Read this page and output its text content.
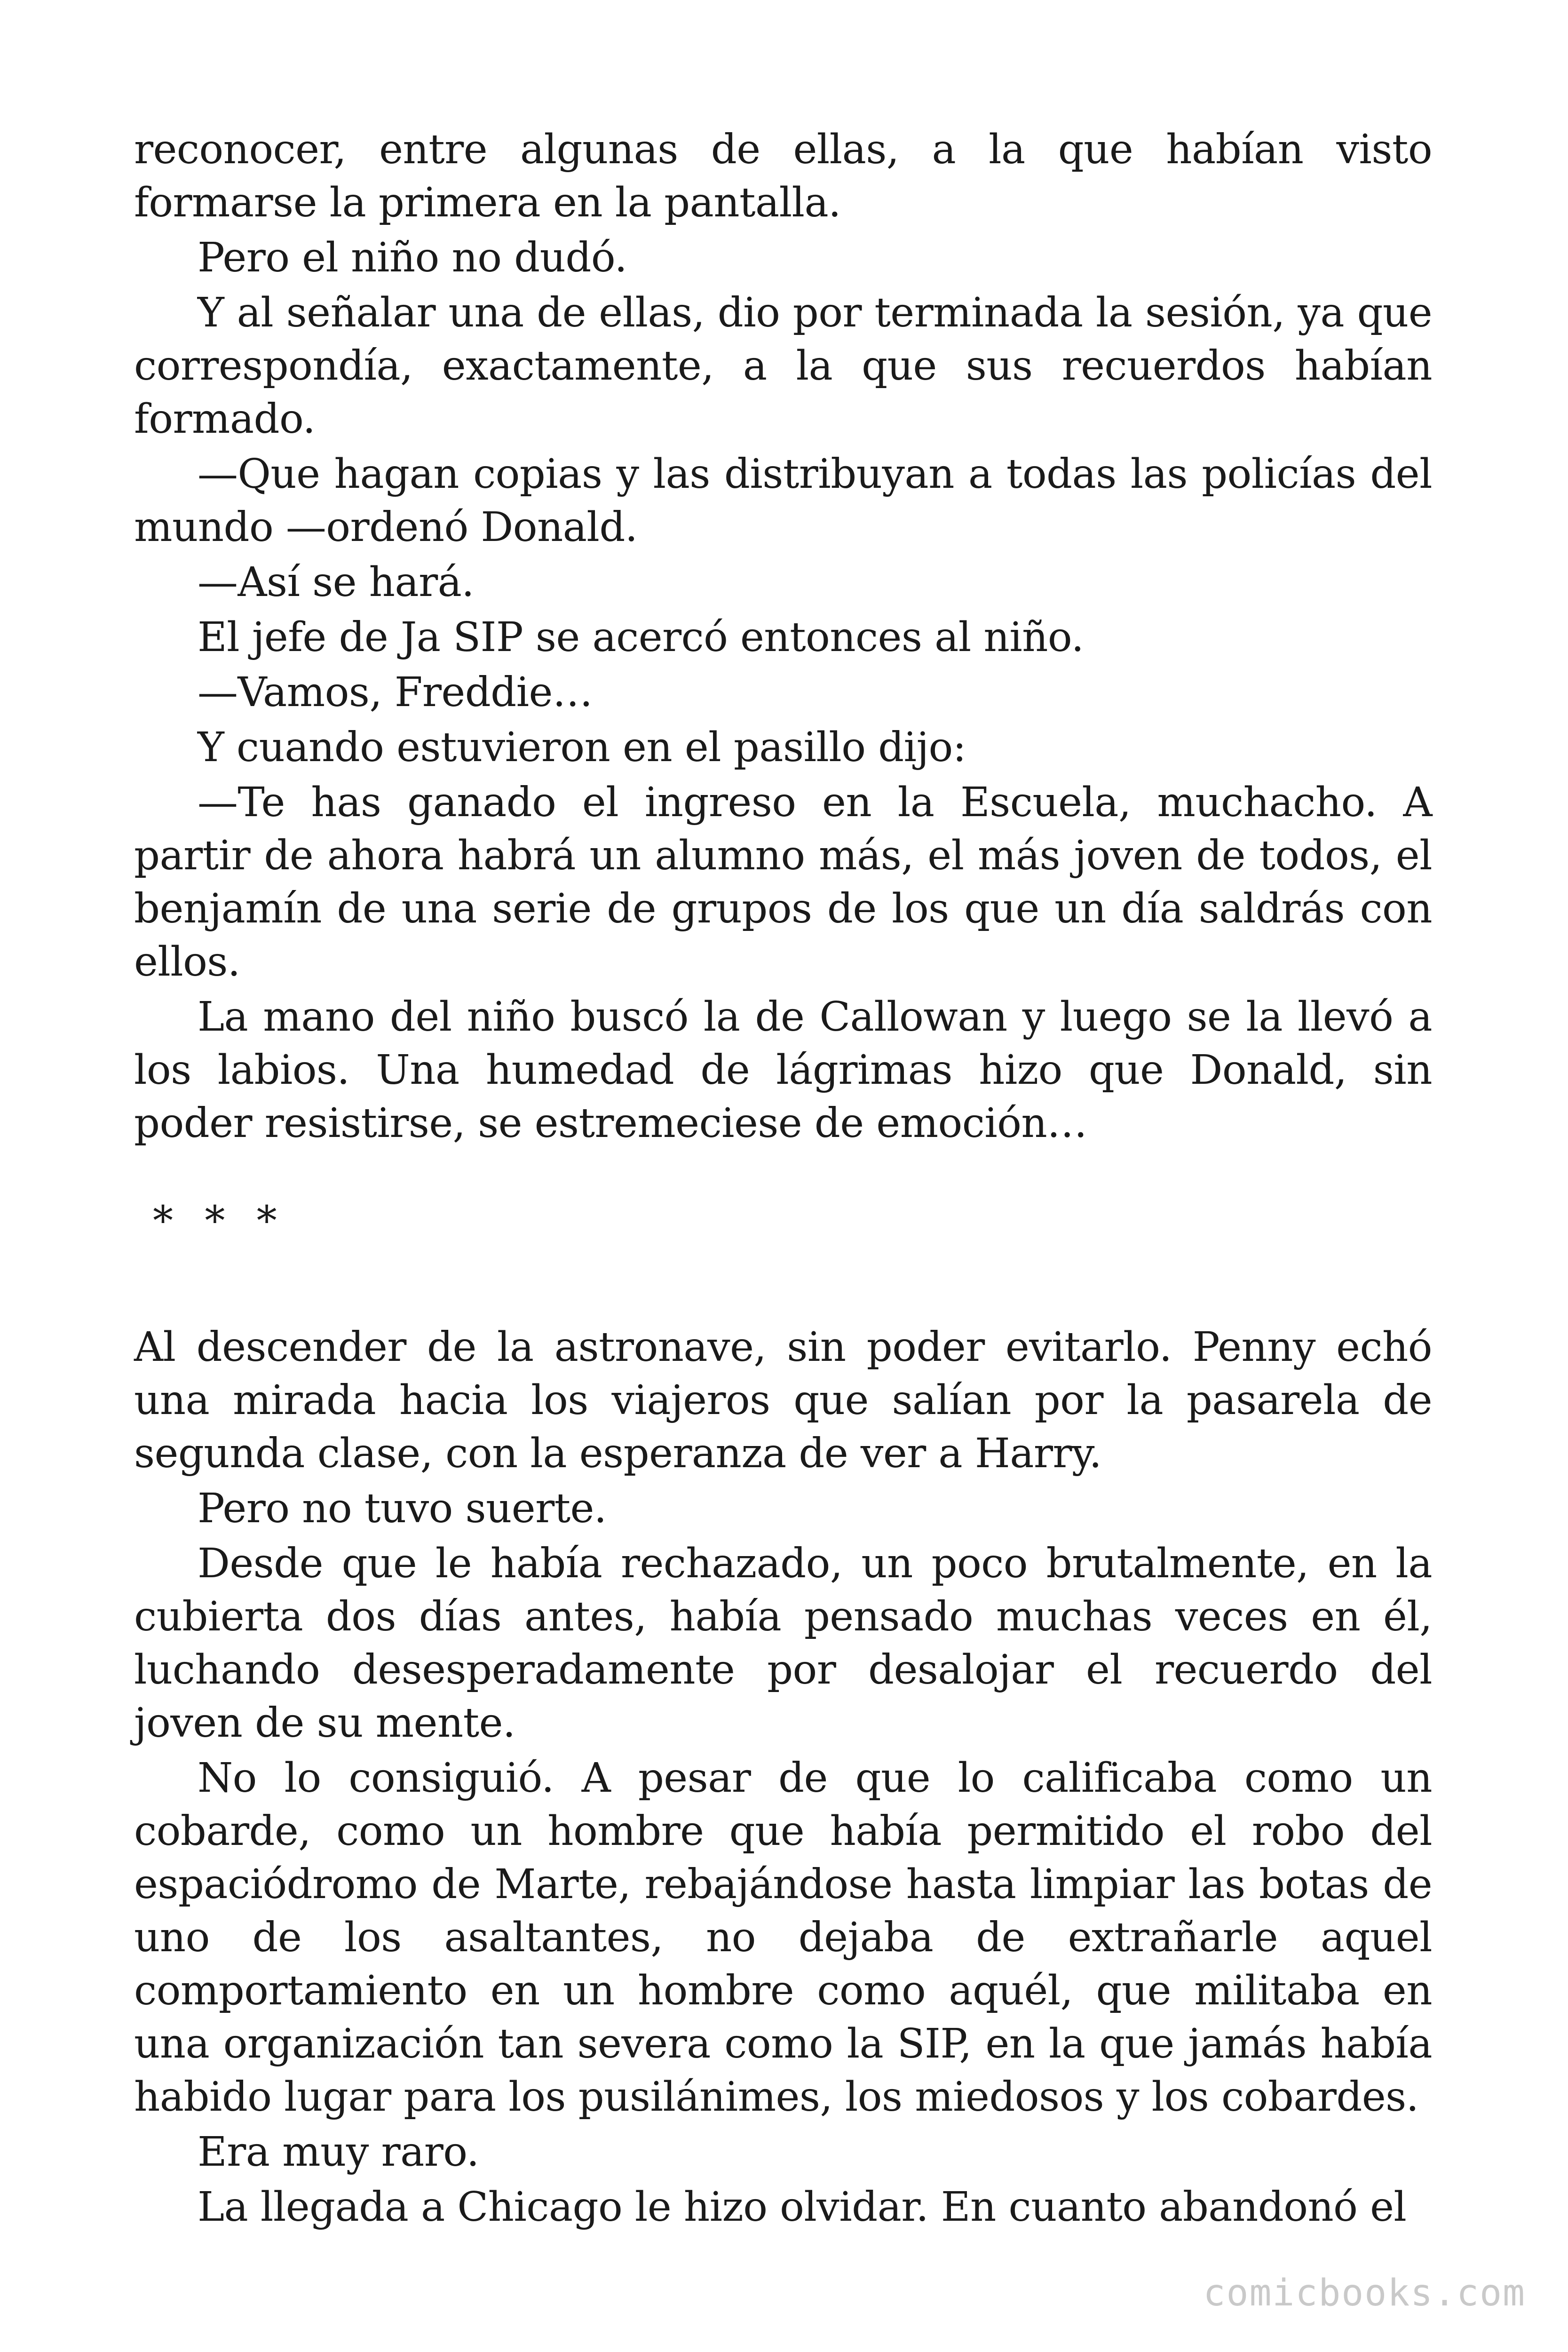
reconocer, entre algunas de ellas, a la que habían visto formarse la primera en la pantalla.

Pero el niño no dudó.

Y al señalar una de ellas, dio por terminada la sesión, ya que correspondía, exactamente, a la que sus recuerdos habían formado.

—Que hagan copias y las distribuyan a todas las policías del mundo —ordenó Donald.

—Así se hará.

El jefe de Ja SIP se acercó entonces al niño.

—Vamos, Freddie…

Y cuando estuvieron en el pasillo dijo:

—Te has ganado el ingreso en la Escuela, muchacho. A partir de ahora habrá un alumno más, el más joven de todos, el benjamín de una serie de grupos de los que un día saldrás con ellos.

La mano del niño buscó la de Callowan y luego se la llevó a los labios. Una humedad de lágrimas hizo que Donald, sin poder resistirse, se estremeciese de emoción…

* * *

Al descender de la astronave, sin poder evitarlo. Penny echó una mirada hacia los viajeros que salían por la pasarela de segunda clase, con la esperanza de ver a Harry.

Pero no tuvo suerte.

Desde que le había rechazado, un poco brutalmente, en la cubierta dos días antes, había pensado muchas veces en él, luchando desesperadamente por desalojar el recuerdo del joven de su mente.

No lo consiguió. A pesar de que lo calificaba como un cobarde, como un hombre que había permitido el robo del espaciódromo de Marte, rebajándose hasta limpiar las botas de uno de los asaltantes, no dejaba de extrañarle aquel comportamiento en un hombre como aquél, que militaba en una organización tan severa como la SIP, en la que jamás había habido lugar para los pusilánimes, los miedosos y los cobardes.

Era muy raro.

La llegada a Chicago le hizo olvidar. En cuanto abandonó el

comicbooks.com
